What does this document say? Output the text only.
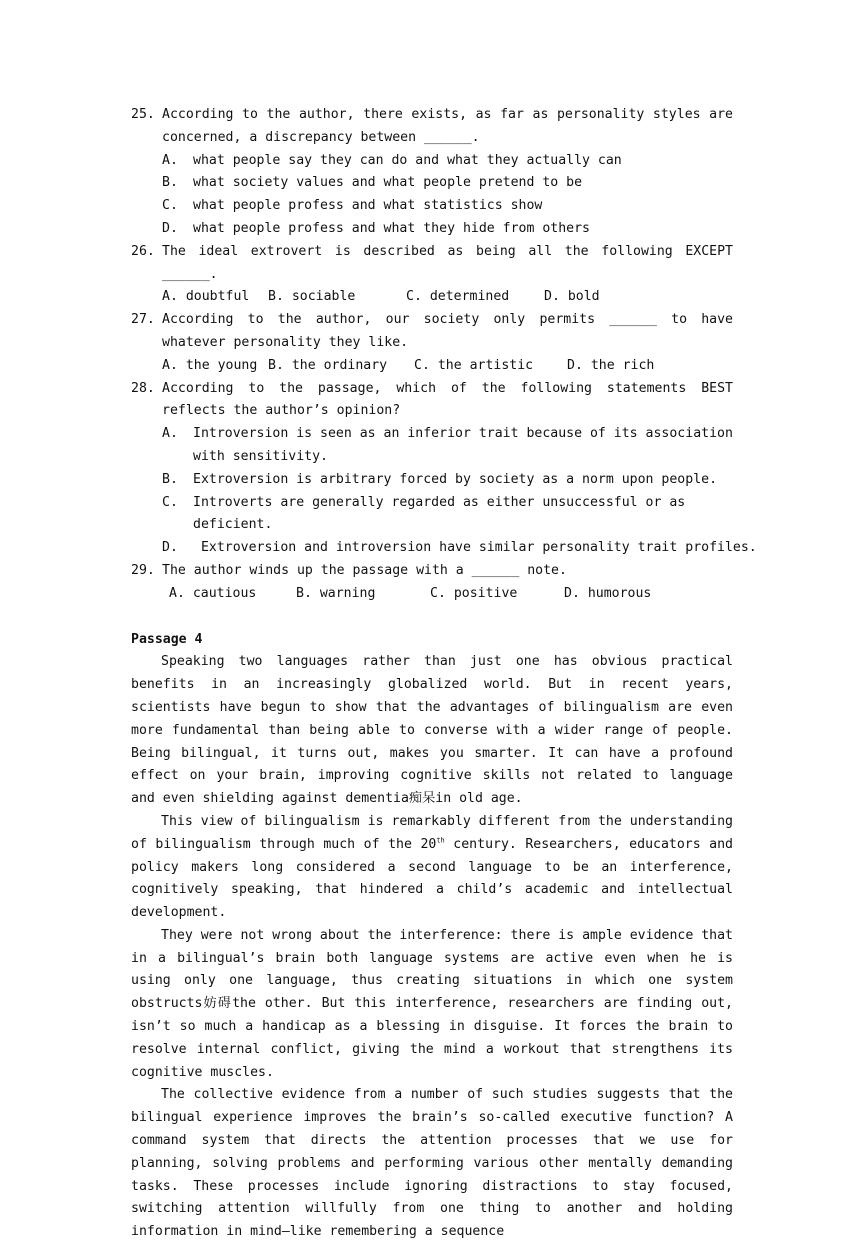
25. According to the author, there exists, as far as personality styles are concerned, a discrepancy between ______.
A.	what people say they can do and what they actually can
B.	what society values and what people pretend to be
C.	what people profess and what statistics show
D.	what people profess and what they hide from others
26. The ideal extrovert is described as being all the following EXCEPT ______.
A. doubtful	B. sociable	C. determined	D. bold
27. According to the author, our society only permits ______ to have whatever personality they like.
A. the young B. the ordinary	C. the artistic	D. the rich
28. According to the passage, which of the following statements BEST reflects the author’s opinion?
A.	Introversion is seen as an inferior trait because of its association with sensitivity.
B.	Extroversion is arbitrary forced by society as a norm upon people.
C.	Introverts are generally regarded as either unsuccessful or as deficient.
D.	Extroversion and introversion have similar personality trait profiles.
29. The author winds up the passage with a ______ note.
A. cautious	B. warning	C. positive	D. humorous
Passage 4
Speaking two languages rather than just one has obvious practical benefits in an increasingly globalized world. But in recent years, scientists have begun to show that the advantages of bilingualism are even more fundamental than being able to converse with a wider range of people. Being bilingual, it turns out, makes you smarter. It can have a profound effect on your brain, improving cognitive skills not related to language and even shielding against dementia痴呆in old age.
This view of bilingualism is remarkably different from the understanding of bilingualism through much of the 20th century. Researchers, educators and policy makers long considered a second language to be an interference, cognitively speaking, that hindered a child’s academic and intellectual development.
They were not wrong about the interference: there is ample evidence that in a bilingual’s brain both language systems are active even when he is using only one language, thus creating situations in which one system obstructs妨碍the other. But this interference, researchers are finding out, isn’t so much a handicap as a blessing in disguise. It forces the brain to resolve internal conflict, giving the mind a workout that strengthens its cognitive muscles.
The collective evidence from a number of such studies suggests that the bilingual experience improves the brain’s so-called executive function? A command system that directs the attention processes that we use for planning, solving problems and performing various other mentally demanding tasks. These processes include ignoring distractions to stay focused, switching attention willfully from one thing to another and holding information in mind—like remembering a sequence
